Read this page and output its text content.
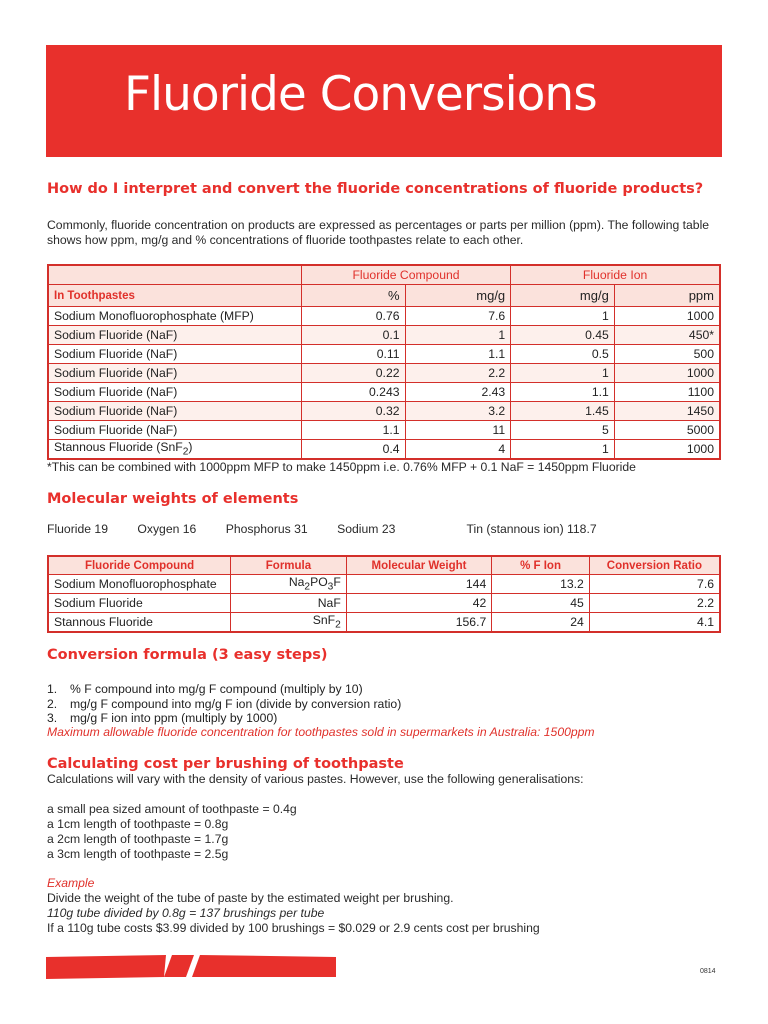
Fluoride Conversions

How do I interpret and convert the fluoride concentrations of fluoride products?

Commonly, fluoride concentration on products are expressed as percentages or parts per million (ppm). The following table shows how ppm, mg/g and % concentrations of fluoride toothpastes relate to each other.

	Fluoride Compound		Fluoride Ion	
In Toothpastes	%	mg/g	mg/g	ppm
Sodium Monofluorophosphate (MFP)	0.76	7.6	1	1000
Sodium Fluoride (NaF)	0.1	1	0.45	450*
Sodium Fluoride (NaF)	0.11	1.1	0.5	500
Sodium Fluoride (NaF)	0.22	2.2	1	1000
Sodium Fluoride (NaF)	0.243	2.43	1.1	1100
Sodium Fluoride (NaF)	0.32	3.2	1.45	1450
Sodium Fluoride (NaF)	1.1	11	5	5000
Stannous Fluoride (SnF$_2$)	0.4	4	1	1000

*This can be combined with 1000ppm MFP to make 1450ppm i.e. 0.76% MFP + 0.1 NaF = 1450ppm Fluoride

Molecular weights of elements

Fluoride 19 Oxygen 16 Phosphorus 31 Sodium 23	Tin (stannous ion) 118.7

Fluoride Compound	Formula	Molecular Weight	% F Ion	Conversion Ratio
Sodium Monofluorophosphate	$Na_2PO_3F$	144	13.2	7.6
Sodium Fluoride	NaF	42	45	2.2
Stannous Fluoride	SnF$_2$	156.7	24	4.1

Conversion formula (3 easy steps)

1. % F compound into mg/g F compound (multiply by 10)
2. mg/g F compound into mg/g F ion (divide by conversion ratio)
3. mg/g F ion into ppm (multiply by 1000)

Maximum allowable fluoride concentration for toothpastes sold in supermarkets in Australia: 1500ppm

Calculating cost per brushing of toothpaste

Calculations will vary with the density of various pastes. However, use the following generalisations:

a small pea sized amount of toothpaste = 0.4g
a 1cm length of toothpaste = 0.8g
a 2cm length of toothpaste = 1.7g
a 3cm length of toothpaste = 2.5g
Example
Divide the weight of the tube of paste by the estimated weight per brushing.
110g tube divided by 0.8g = 137 brushings per tube
If a 110g tube costs $3.99 divided by 100 brushings = $0.029 or 2.9 cents cost per brushing
0814
